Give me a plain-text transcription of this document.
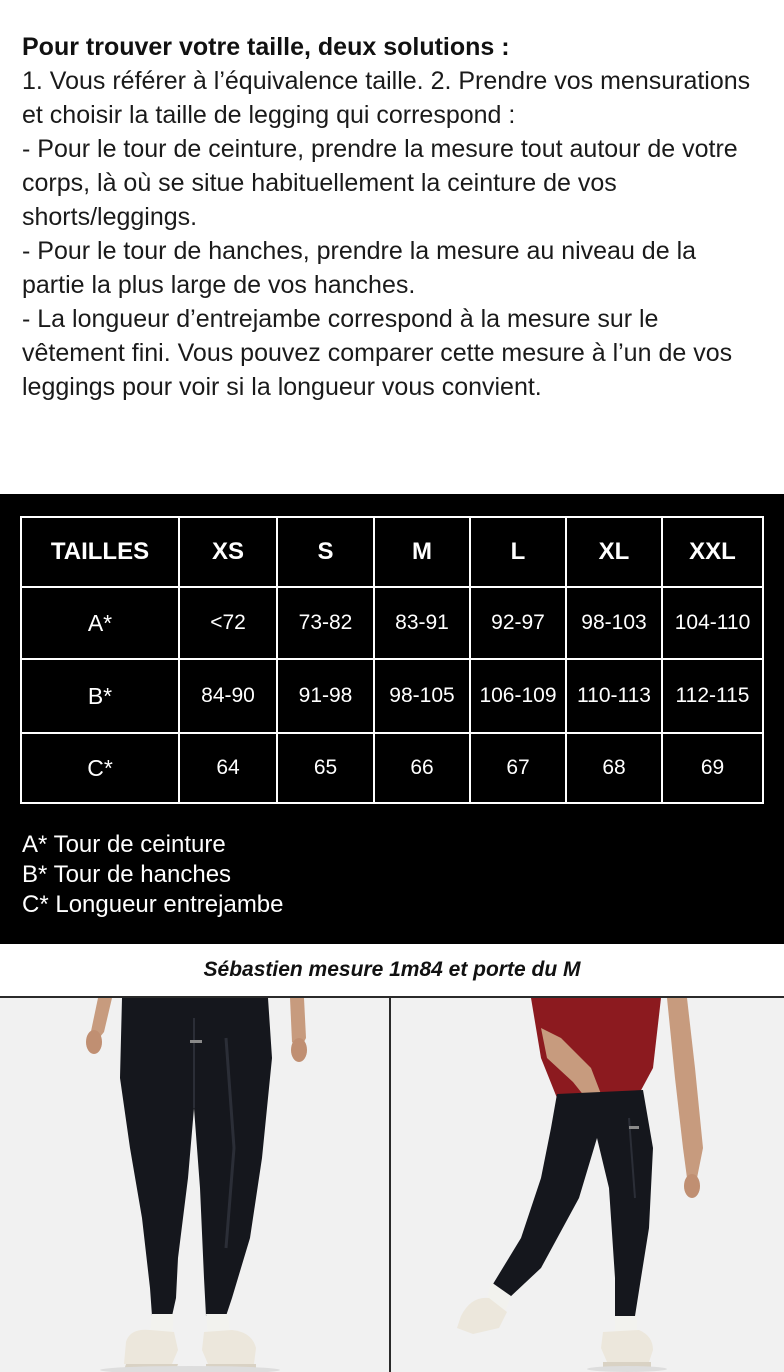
Pour trouver votre taille, deux solutions :

1. Vous référer à l’équivalence taille. 2. Prendre vos mensurations et choisir la taille de legging qui correspond :

- Pour le tour de ceinture, prendre la mesure tout autour de votre corps, là où se situe habituellement la ceinture de vos shorts/leggings.

- Pour le tour de hanches, prendre la mesure au niveau de la partie la plus large de vos hanches.

- La longueur d’entrejambe correspond à la mesure sur le vêtement fini. Vous pouvez comparer cette mesure à l’un de vos leggings pour voir si la longueur vous convient.

TAILLES	XS	S	M	L	XL	XXL
A*	<72	73-82	83-91	92-97	98-103	104-110
B*	84-90	91-98	98-105	106-109	110-113	112-115
C*	64	65	66	67	68	69
A* Tour de ceinture
B* Tour de hanches
C* Longueur entrejambe
Sébastien mesure 1m84 et porte du M
